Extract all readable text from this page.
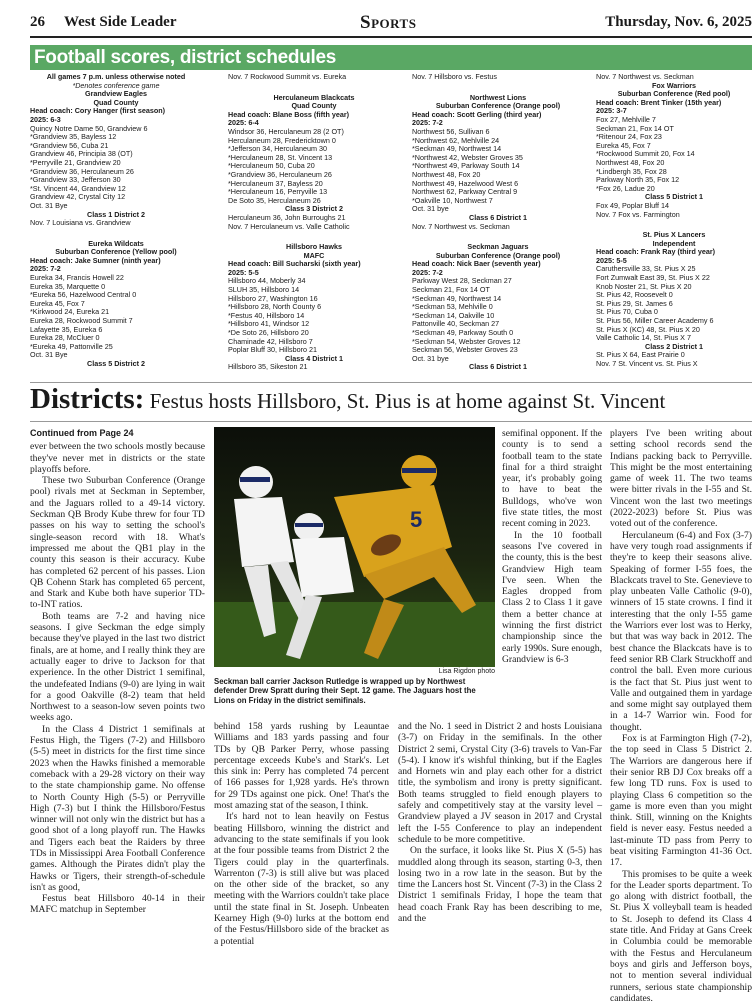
26 West Side Leader	Sports	Thursday, Nov. 6, 2025
Football scores, district schedules
All games 7 p.m. unless otherwise noted
*Denotes conference game
Grandview Eagles
Quad County
Head coach: Cory Hanger (first season)
2025: 6-3
Quincy Notre Dame 50, Grandview 6
*Grandview 35, Bayless 12
*Grandview 56, Cuba 21
Grandview 46, Principia 38 (OT)
*Perryville 21, Grandview 20
*Grandview 36, Herculaneum 26
*Grandview 33, Jefferson 30
*St. Vincent 44, Grandview 12
Grandview 42, Crystal City 12
Oct. 31 Bye
Class 1 District 2
Nov. 7 Louisiana vs. Grandview
Eureka Wildcats
Suburban Conference (Yellow pool)
Head coach: Jake Sumner (ninth year)
2025: 7-2
Eureka 34, Francis Howell 22
Eureka 35, Marquette 0
*Eureka 56, Hazelwood Central 0
Eureka 45, Fox 7
*Kirkwood 24, Eureka 21
Eureka 28, Rockwood Summit 7
Lafayette 35, Eureka 6
Eureka 28, McCluer 0
*Eureka 49, Pattonville 25
Oct. 31 Bye
Class 5 District 2
Nov. 7 Rockwood Summit vs. Eureka
Herculaneum Blackcats
Quad County
Head coach: Blane Boss (fifth year)
2025: 6-4
Windsor 36, Herculaneum 28 (2 OT)
Herculaneum 28, Fredericktown 0
*Jefferson 34, Herculaneum 30
*Herculaneum 28, St. Vincent 13
*Herculaneum 50, Cuba 20
*Grandview 36, Herculaneum 26
*Herculaneum 37, Bayless 20
*Herculaneum 16, Perryville 13
De Soto 35, Herculaneum 26
Class 3 District 2
Herculaneum 36, John Burroughs 21
Nov. 7 Herculaneum vs. Valle Catholic
Hillsboro Hawks
MAFC
Head coach: Bill Sucharski (sixth year)
2025: 5-5
Hillsboro 44, Moberly 34
SLUH 35, Hillsboro 14
Hillsboro 27, Washington 16
*Hillsboro 28, North County 6
*Festus 40, Hillsboro 14
*Hillsboro 41, Windsor 12
*De Soto 26, Hillsboro 20
Chaminade 42, Hillsboro 7
Poplar Bluff 30, Hillsboro 21
Class 4 District 1
Hillsboro 35, Sikeston 21
Nov. 7 Hillsboro vs. Festus
Northwest Lions
Suburban Conference (Orange pool)
Head coach: Scott Gerling (third year)
2025: 7-2
Northwest 56, Sullivan 6
*Northwest 62, Mehlville 24
*Seckman 49, Northwest 14
*Northwest 42, Webster Groves 35
*Northwest 49, Parkway South 14
Northwest 48, Fox 20
Northwest 49, Hazelwood West 6
Northwest 62, Parkway Central 9
*Oakville 10, Northwest 7
Oct. 31 bye
Class 6 District 1
Nov. 7 Northwest vs. Seckman
Seckman Jaguars
Suburban Conference (Orange pool)
Head coach: Nick Baer (seventh year)
2025: 7-2
Parkway West 28, Seckman 27
Seckman 21, Fox 14 OT
*Seckman 49, Northwest 14
*Seckman 53, Mehlville 0
*Seckman 14, Oakville 10
Pattonville 40, Seckman 27
*Seckman 49, Parkway South 0
*Seckman 54, Webster Groves 12
Seckman 56, Webster Groves 23
Oct. 31 bye
Class 6 District 1
Nov. 7 Northwest vs. Seckman
Fox Warriors
Suburban Conference (Red pool)
Head coach: Brent Tinker (15th year)
2025: 3-7
Fox 27, Mehlville 7
Seckman 21, Fox 14 OT
*Ritenour 24, Fox 23
Eureka 45, Fox 7
*Rockwood Summit 20, Fox 14
Northwest 48, Fox 20
*Lindbergh 35, Fox 28
Parkway North 35, Fox 12
*Fox 26, Ladue 20
Class 5 District 1
Fox 49, Poplar Bluff 14
Nov. 7 Fox vs. Farmington
St. Pius X Lancers
Independent
Head coach: Frank Ray (third year)
2025: 5-5
Caruthersville 33, St. Pius X 25
Fort Zumwalt East 39, St. Pius X 22
Knob Noster 21, St. Pius X 20
St. Pius 42, Roosevelt 0
St. Pius 29, St. James 6
St. Pius 70, Cuba 0
St. Pius 56, Miller Career Academy 6
St. Pius X (KC) 48, St. Pius X 20
Valle Catholic 14, St. Pius X 7
Class 2 District 1
St. Pius X 64, East Prairie 0
Nov. 7 St. Vincent vs. St. Pius X
Districts: Festus hosts Hillsboro, St. Pius is at home against St. Vincent

Continued from Page 24

ever between the two schools mostly because they've never met in districts or the state playoffs before.

These two Suburban Conference (Orange pool) rivals met at Seckman in September, and the Jaguars rolled to a 49-14 victory. Seckman QB Brody Kube threw for four TD passes on his way to setting the school's single-season record with 18. What's impressed me about the QB1 play in the county this season is their accuracy. Kube has completed 62 percent of his passes. Lion QB Cohenn Stark has completed 65 percent, and Stark and Kube both have superior TD-to-INT ratios.

Both teams are 7-2 and having nice seasons. I give Seckman the edge simply because they've played in the last two district finals, are at home, and I really think they are actually eager to drive to Jackson for that experience. In the other District 1 semifinal, the undefeated Indians (9-0) are lying in wait for a good Oakville (8-2) team that held Northwest to a season-low seven points two weeks ago.

In the Class 4 District 1 semifinals at Festus High, the Tigers (7-2) and Hillsboro (5-5) meet in districts for the first time since 2023 when the Hawks finished a memorable comeback with a 29-28 victory on their way to the state championship game. No offense to North County High (5-5) or Perryville High (7-3) but I think the Hillsboro/Festus winner will not only win the district but has a good shot of a long playoff run. The Hawks and Tigers each beat the Raiders by three TDs in Mississippi Area Football Conference games. Although the Pirates didn't play the Hawks or Tigers, their strength-of-schedule isn't as good,

Festus beat Hillsboro 40-14 in their MAFC matchup in September

5
Lisa Rigdon photo
Seckman ball carrier Jackson Rutledge is wrapped up by Northwest defender Drew Spratt during their Sept. 12 game. The Jaguars host the Lions on Friday in the district semifinals.

behind 158 yards rushing by Leauntae Williams and 183 yards passing and four TDs by QB Parker Perry, whose passing percentage exceeds Kube's and Stark's. Let this sink in: Perry has completed 74 percent of 166 passes for 1,928 yards. He's thrown for 29 TDs against one pick. One! That's the most amazing stat of the season, I think.

It's hard not to lean heavily on Festus beating Hillsboro, winning the district and advancing to the state semifinals if you look at the four possible teams from District 2 the Tigers could play in the quarterfinals. Warrenton (7-3) is still alive but was placed on the other side of the bracket, so any meeting with the Warriors couldn't take place until the state final in St. Joseph. Unbeaten Kearney High (9-0) lurks at the bottom end of the Festus/Hillsboro side of the bracket as a potential

semifinal opponent. If the county is to send a football team to the state final for a third straight year, it's probably going to have to beat the Bulldogs, who've won five state titles, the most recent coming in 2023.

In the 10 football seasons I've covered in the county, this is the best Grandview High team I've seen. When the Eagles dropped from Class 2 to Class 1 it gave them a better chance at winning the first district championship since the early 1990s. Sure enough, Grandview is 6-3

and the No. 1 seed in District 2 and hosts Louisiana (3-7) on Friday in the semifinals. In the other District 2 semi, Crystal City (3-6) travels to Van-Far (5-4). I know it's wishful thinking, but if the Eagles and Hornets win and play each other for a district title, the symbolism and irony is pretty significant. Both teams struggled to field enough players to safely and competitively stay at the varsity level – Grandview played a JV season in 2017 and Crystal left the I-55 Conference to play an independent schedule to be more competitive.

On the surface, it looks like St. Pius X (5-5) has muddled along through its season, starting 0-3, then losing two in a row late in the season. But by the time the Lancers host St. Vincent (7-3) in the Class 2 District 1 semifinals Friday, I hope the team that head coach Frank Ray has been describing to me, and the

players I've been writing about setting school records send the Indians packing back to Perryville. This might be the most entertaining game of week 11. The two teams were bitter rivals in the I-55 and St. Vincent won the last two meetings (2022-2023) before St. Pius was voted out of the conference.

Herculaneum (6-4) and Fox (3-7) have very tough road assignments if they're to keep their seasons alive. Speaking of former I-55 foes, the Blackcats travel to Ste. Genevieve to play unbeaten Valle Catholic (9-0), winners of 15 state crowns. I find it interesting that the only I-55 game the Warriors ever lost was to Herky, but that was way back in 2012. The best chance the Blackcats have is to feed senior RB Clark Struckhoff and control the ball. Even more curious is the fact that St. Pius just went to Valle and outgained them in yardage and some might say outplayed them in a 14-7 Warrior win. Food for thought.

Fox is at Farmington High (7-2), the top seed in Class 5 District 2. The Warriors are dangerous here if their senior RB DJ Cox breaks off a few long TD runs. Fox is used to playing Class 6 competition so the game is more even than you might think. Still, winning on the Knights field is never easy. Festus needed a last-minute TD pass from Perry to beat visiting Farmington 41-36 Oct. 17.

This promises to be quite a week for the Leader sports department. To go along with district football, the St. Pius X volleyball team is headed to St. Joseph to defend its Class 4 state title. And Friday at Gans Creek in Columbia could be memorable with the Festus and Herculaneum boys and girls and Jefferson boys, not to mention several individual runners, serious state championship candidates.
